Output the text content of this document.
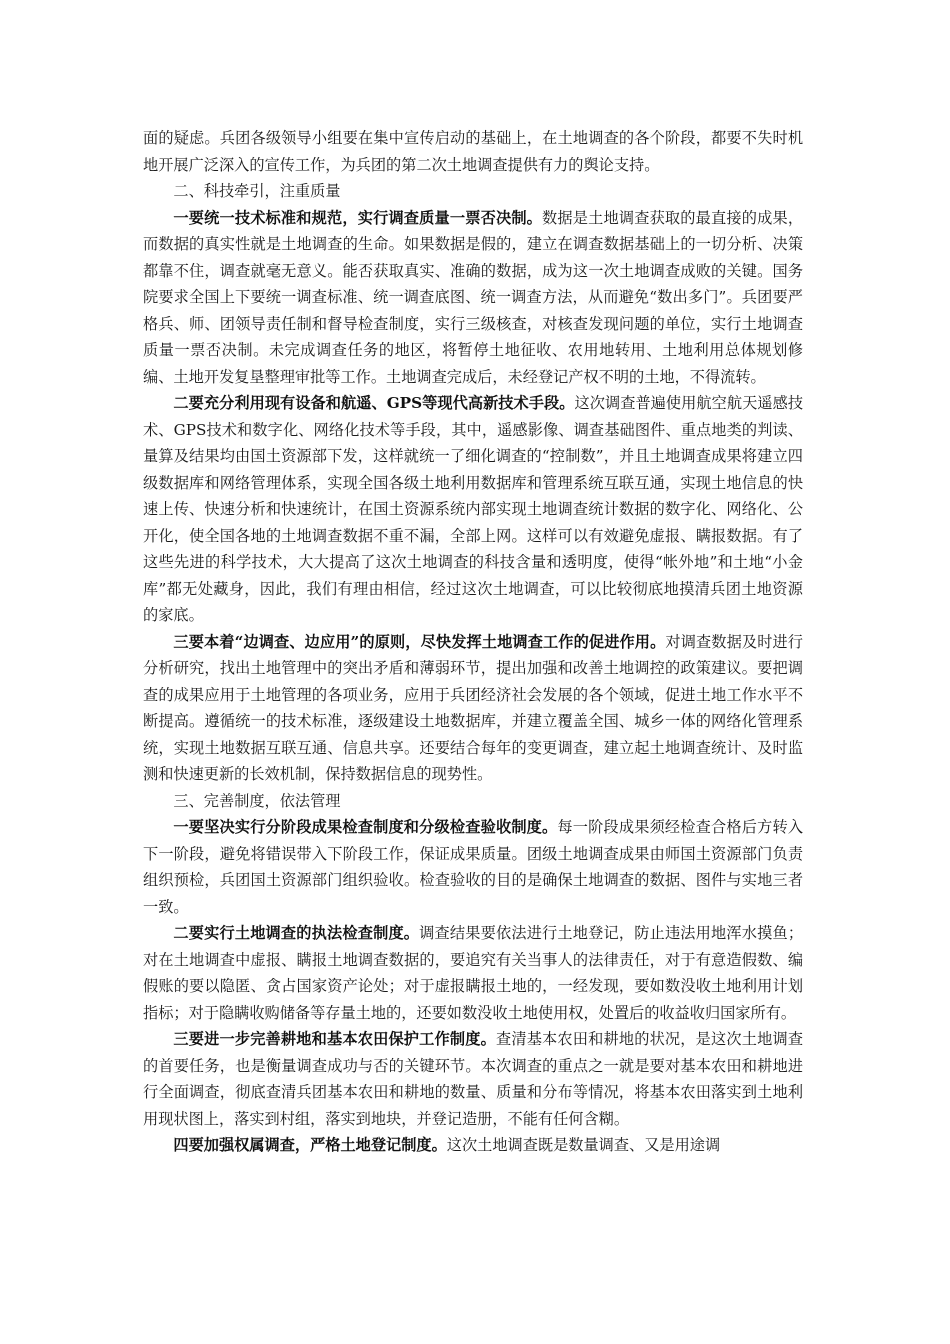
面的疑虑。兵团各级领导小组要在集中宣传启动的基础上，在土地调查的各个阶段，都要不失时机地开展广泛深入的宣传工作，为兵团的第二次土地调查提供有力的舆论支持。

二、科技牵引，注重质量

一要统一技术标准和规范，实行调查质量一票否决制。数据是土地调查获取的最直接的成果，而数据的真实性就是土地调查的生命。如果数据是假的，建立在调查数据基础上的一切分析、决策都靠不住，调查就毫无意义。能否获取真实、准确的数据，成为这一次土地调查成败的关键。国务院要求全国上下要统一调查标准、统一调查底图、统一调查方法，从而避免“数出多门”。兵团要严格兵、师、团领导责任制和督导检查制度，实行三级核查，对核查发现问题的单位，实行土地调查质量一票否决制。未完成调查任务的地区，将暂停土地征收、农用地转用、土地利用总体规划修编、土地开发复垦整理审批等工作。土地调查完成后，未经登记产权不明的土地，不得流转。

二要充分利用现有设备和航遥、GPS等现代高新技术手段。这次调查普遍使用航空航天遥感技术、GPS技术和数字化、网络化技术等手段，其中，遥感影像、调查基础图件、重点地类的判读、量算及结果均由国土资源部下发，这样就统一了细化调查的“控制数”，并且土地调查成果将建立四级数据库和网络管理体系，实现全国各级土地利用数据库和管理系统互联互通，实现土地信息的快速上传、快速分析和快速统计，在国土资源系统内部实现土地调查统计数据的数字化、网络化、公开化，使全国各地的土地调查数据不重不漏，全部上网。这样可以有效避免虚报、瞒报数据。有了这些先进的科学技术，大大提高了这次土地调查的科技含量和透明度，使得“帐外地”和土地“小金库”都无处藏身，因此，我们有理由相信，经过这次土地调查，可以比较彻底地摸清兵团土地资源的家底。

三要本着“边调查、边应用”的原则，尽快发挥土地调查工作的促进作用。对调查数据及时进行分析研究，找出土地管理中的突出矛盾和薄弱环节，提出加强和改善土地调控的政策建议。要把调查的成果应用于土地管理的各项业务，应用于兵团经济社会发展的各个领域，促进土地工作水平不断提高。遵循统一的技术标准，逐级建设土地数据库，并建立覆盖全国、城乡一体的网络化管理系统，实现土地数据互联互通、信息共享。还要结合每年的变更调查，建立起土地调查统计、及时监测和快速更新的长效机制，保持数据信息的现势性。

三、完善制度，依法管理

一要坚决实行分阶段成果检查制度和分级检查验收制度。每一阶段成果须经检查合格后方转入下一阶段，避免将错误带入下阶段工作，保证成果质量。团级土地调查成果由师国土资源部门负责组织预检，兵团国土资源部门组织验收。检查验收的目的是确保土地调查的数据、图件与实地三者一致。

二要实行土地调查的执法检查制度。调查结果要依法进行土地登记，防止违法用地浑水摸鱼；对在土地调查中虚报、瞒报土地调查数据的，要追究有关当事人的法律责任，对于有意造假数、编假账的要以隐匿、贪占国家资产论处；对于虚报瞒报土地的，一经发现，要如数没收土地利用计划指标；对于隐瞒收购储备等存量土地的，还要如数没收土地使用权，处置后的收益收归国家所有。

三要进一步完善耕地和基本农田保护工作制度。查清基本农田和耕地的状况，是这次土地调查的首要任务，也是衡量调查成功与否的关键环节。本次调查的重点之一就是要对基本农田和耕地进行全面调查，彻底查清兵团基本农田和耕地的数量、质量和分布等情况，将基本农田落实到土地利用现状图上，落实到村组，落实到地块，并登记造册，不能有任何含糊。

四要加强权属调查，严格土地登记制度。这次土地调查既是数量调查、又是用途调
